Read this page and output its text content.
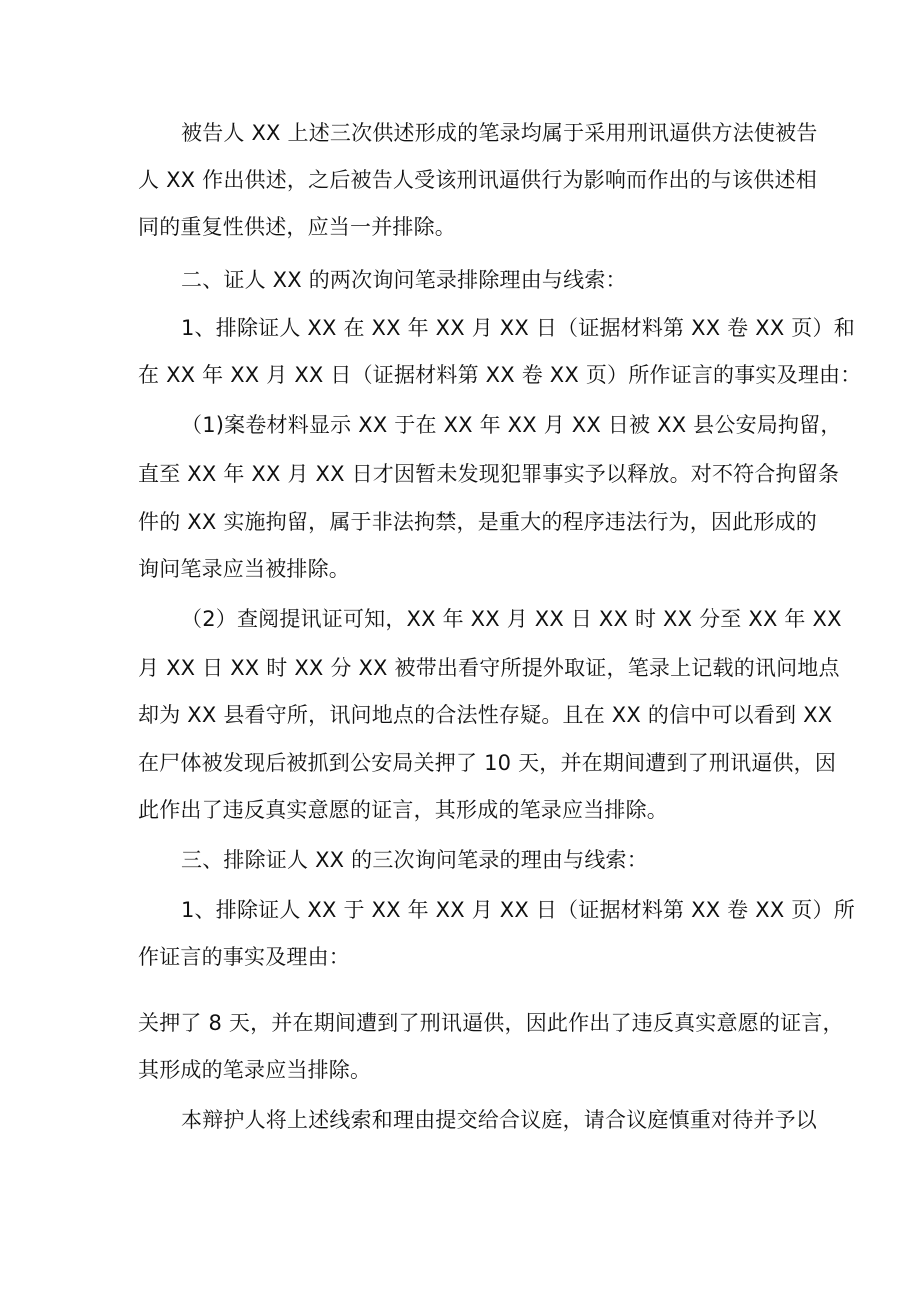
被告人 XX 上述三次供述形成的笔录均属于采用刑讯逼供方法使被告
人 XX 作出供述，之后被告人受该刑讯逼供行为影响而作出的与该供述相
同的重复性供述，应当一并排除。
二、证人 XX 的两次询问笔录排除理由与线索：
1、排除证人 XX 在 XX 年 XX 月 XX 日（证据材料第 XX 卷 XX 页）和
在 XX 年 XX 月 XX 日（证据材料第 XX 卷 XX 页）所作证言的事实及理由：
（1)案卷材料显示 XX 于在 XX 年 XX 月 XX 日被 XX 县公安局拘留，
直至 XX 年 XX 月 XX 日才因暂未发现犯罪事实予以释放。对不符合拘留条
件的 XX 实施拘留，属于非法拘禁，是重大的程序违法行为，因此形成的
询问笔录应当被排除。
（2）查阅提讯证可知，XX 年 XX 月 XX 日 XX 时 XX 分至 XX 年 XX
月 XX 日 XX 时 XX 分 XX 被带出看守所提外取证，笔录上记载的讯问地点
却为 XX 县看守所，讯问地点的合法性存疑。且在 XX 的信中可以看到 XX
在尸体被发现后被抓到公安局关押了 10 天，并在期间遭到了刑讯逼供，因
此作出了违反真实意愿的证言，其形成的笔录应当排除。
三、排除证人 XX 的三次询问笔录的理由与线索：
1、排除证人 XX 于 XX 年 XX 月 XX 日（证据材料第 XX 卷 XX 页）所
作证言的事实及理由：
关押了 8 天，并在期间遭到了刑讯逼供，因此作出了违反真实意愿的证言，
其形成的笔录应当排除。
本辩护人将上述线索和理由提交给合议庭，请合议庭慎重对待并予以
